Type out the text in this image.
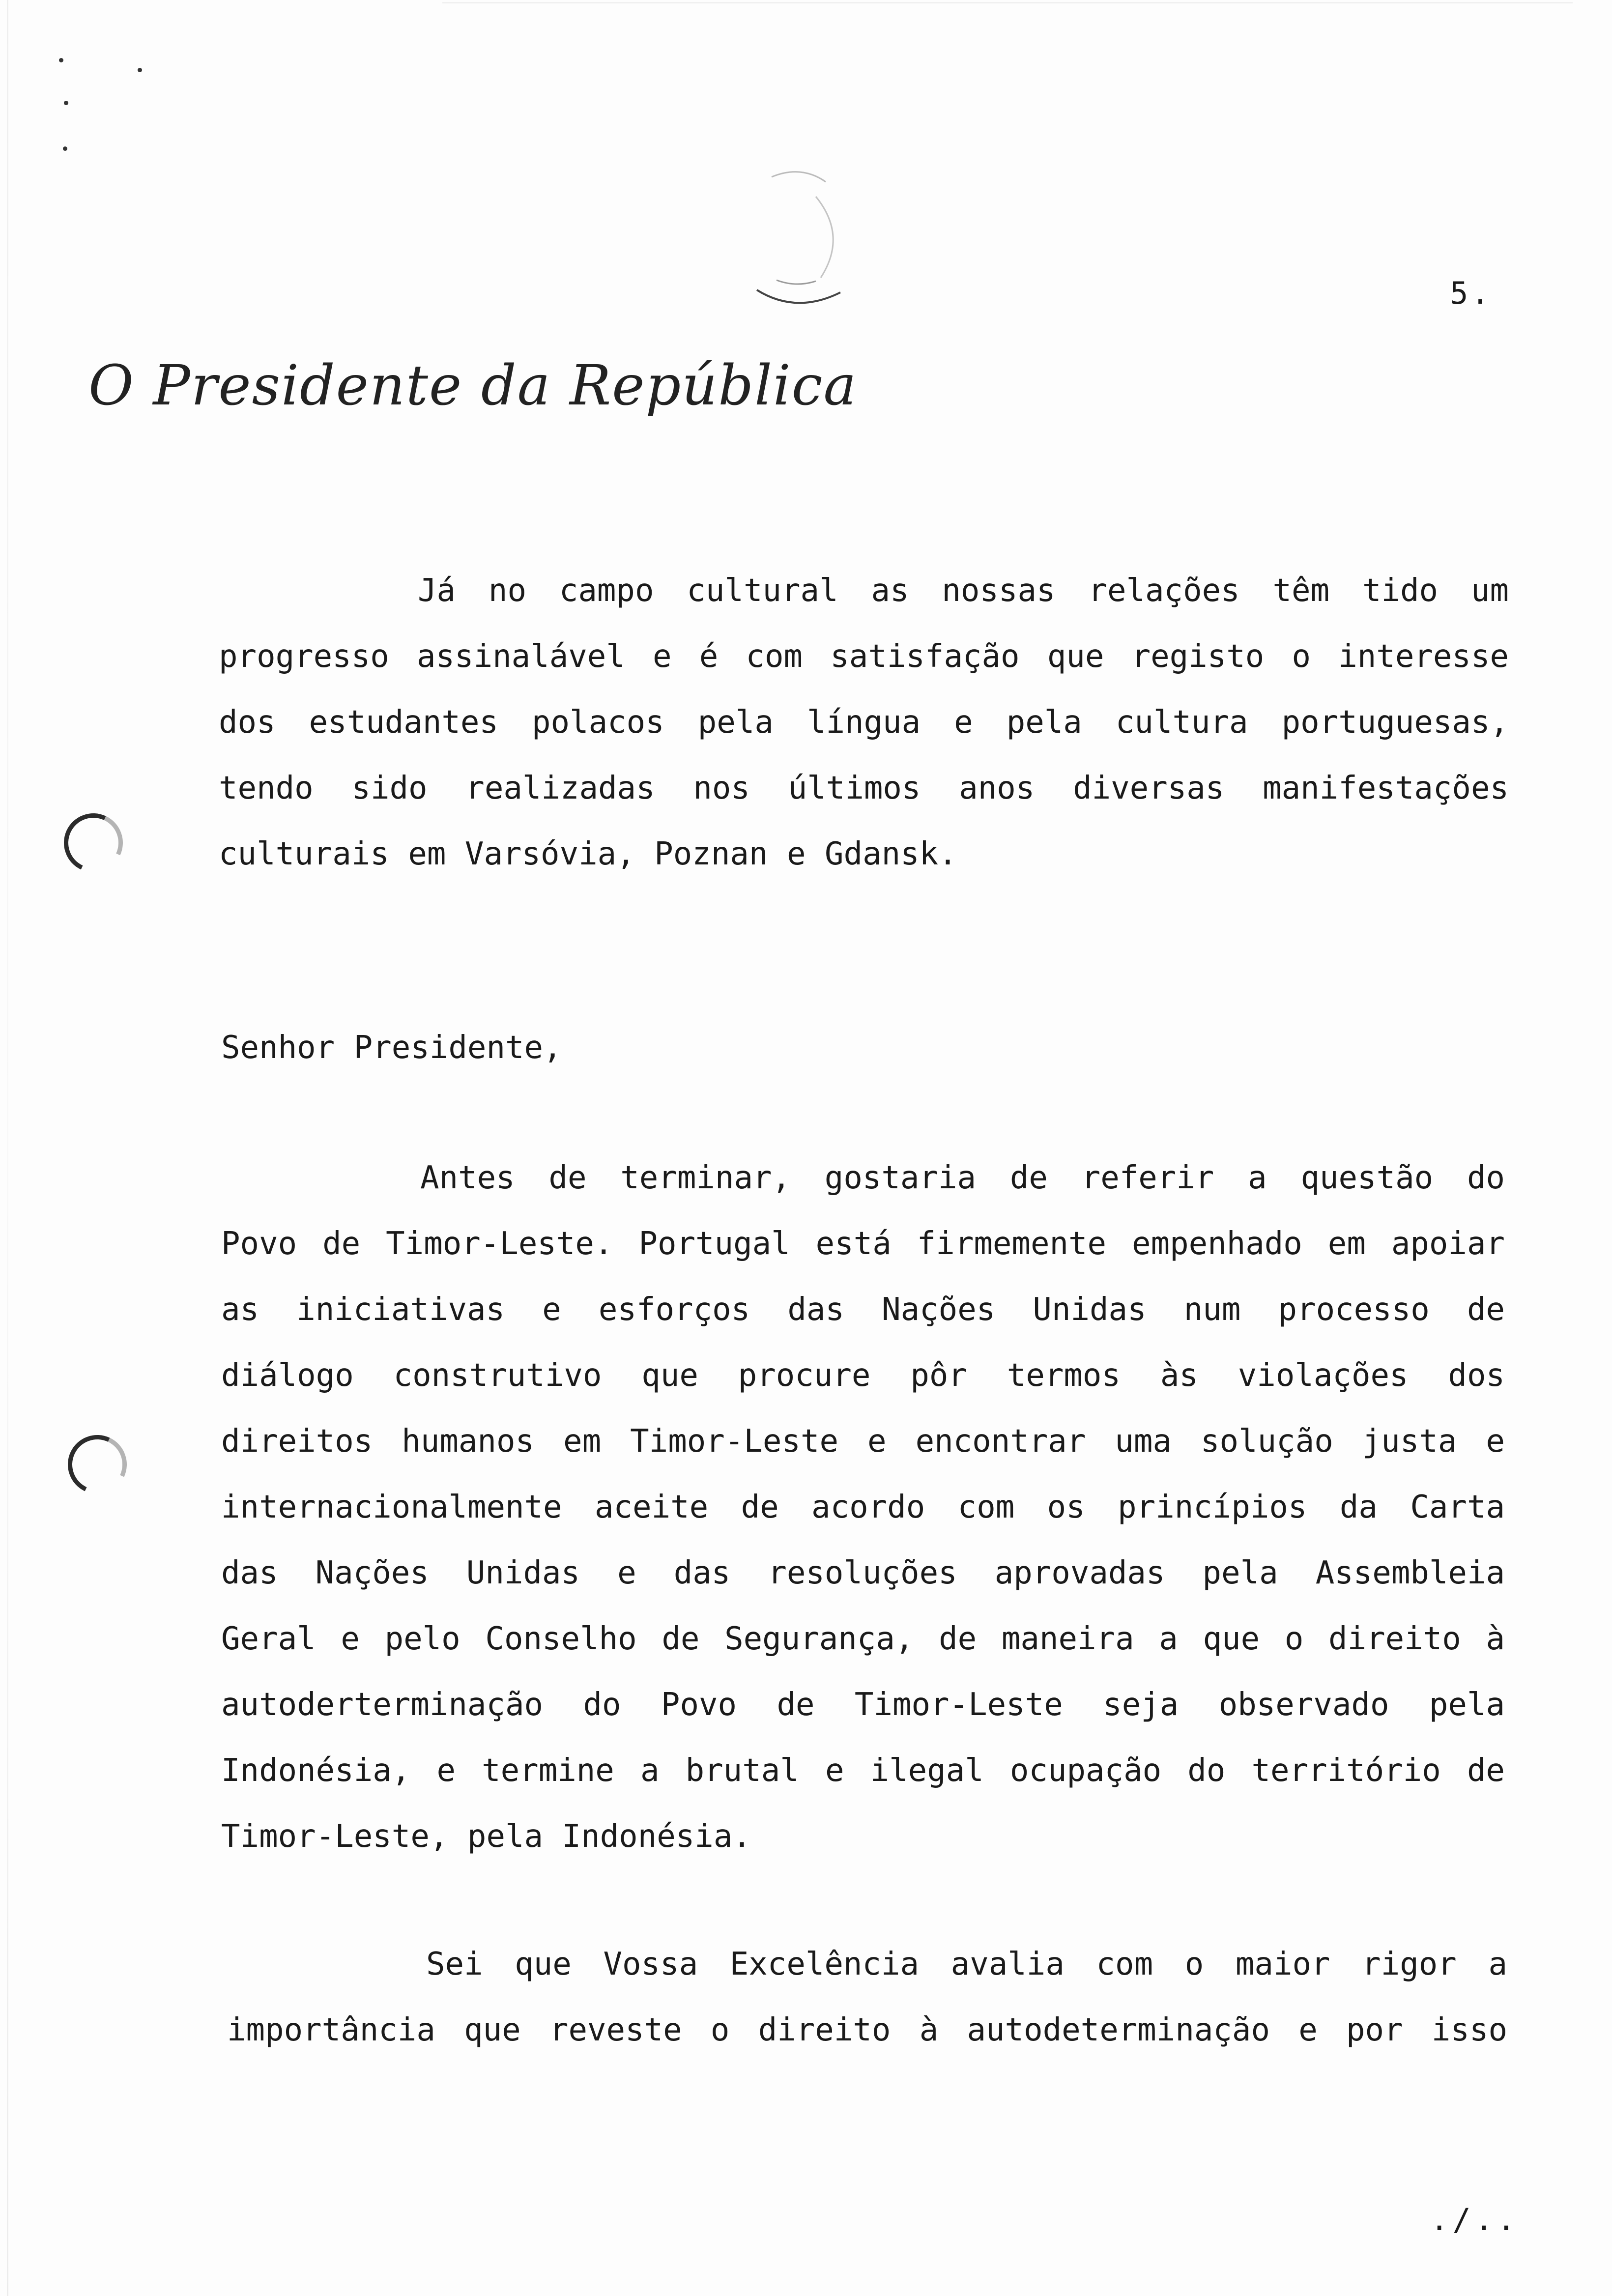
5.
O Presidente da República

Já no campo cultural as nossas relações têm tido um

progresso assinalável e é com satisfação que registo o interesse

dos estudantes polacos pela língua e pela cultura portuguesas,

tendo sido realizadas nos últimos anos diversas manifestações

culturais em Varsóvia, Poznan e Gdansk.

Senhor Presidente,

Antes de terminar, gostaria de referir a questão do

Povo de Timor-Leste. Portugal está firmemente empenhado em apoiar

as iniciativas e esforços das Nações Unidas num processo de

diálogo construtivo que procure pôr termos às violações dos

direitos humanos em Timor-Leste e encontrar uma solução justa e

internacionalmente aceite de acordo com os princípios da Carta

das Nações Unidas e das resoluções aprovadas pela Assembleia

Geral e pelo Conselho de Segurança, de maneira a que o direito à

autoderterminação do Povo de Timor-Leste seja observado pela

Indonésia, e termine a brutal e ilegal ocupação do território de

Timor-Leste, pela Indonésia.

Sei que Vossa Excelência avalia com o maior rigor a

importância que reveste o direito à autodeterminação e por isso

./..
